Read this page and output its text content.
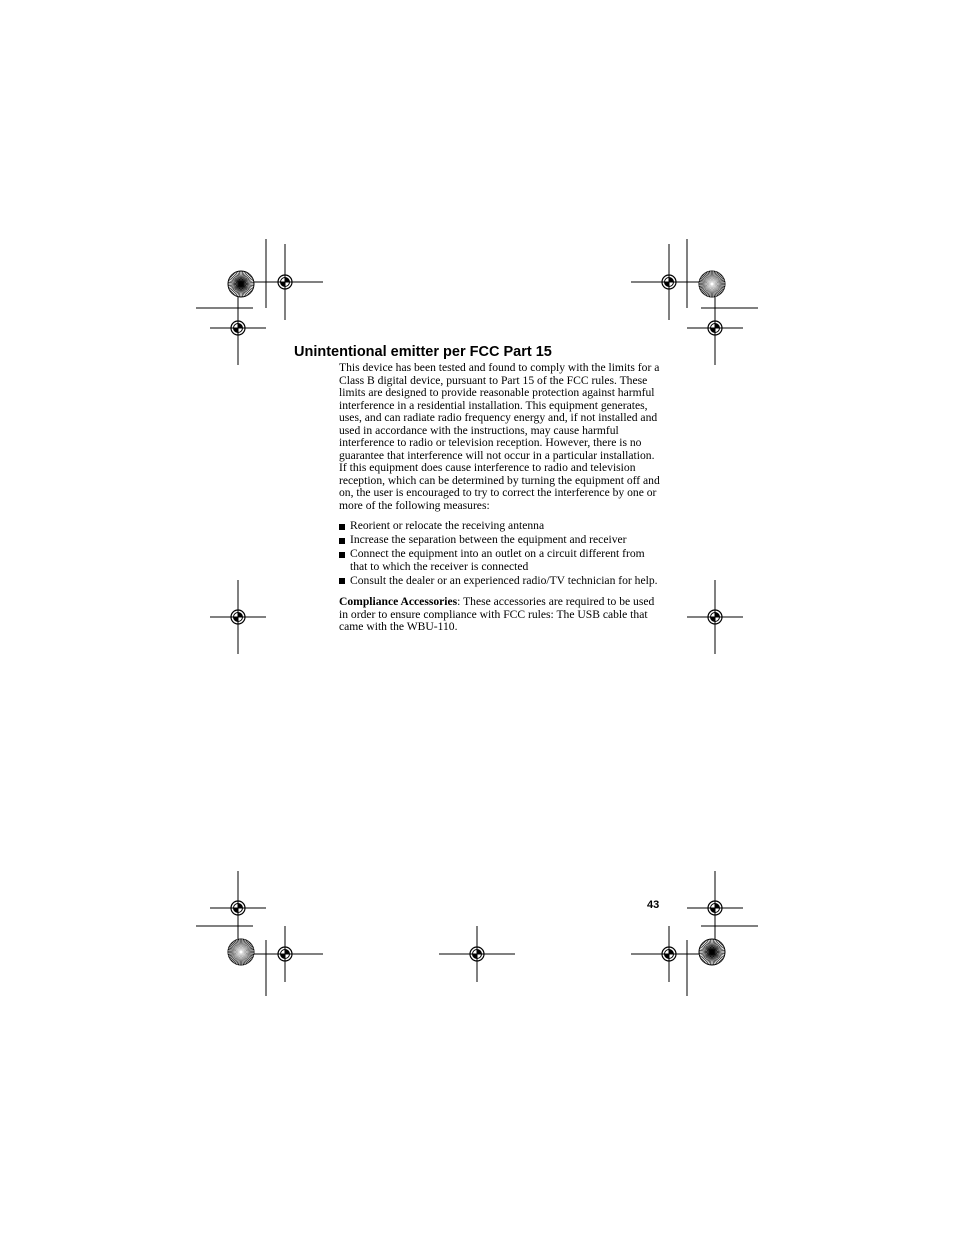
Unintentional emitter per FCC Part 15

This device has been tested and found to comply with the limits for a Class B digital device, pursuant to Part 15 of the FCC rules. These limits are designed to provide reasonable protection against harmful interference in a residential installation. This equipment generates, uses, and can radiate radio frequency energy and, if not installed and used in accordance with the instructions, may cause harmful interference to radio or television reception. However, there is no guarantee that interference will not occur in a particular installation. If this equipment does cause interference to radio and television reception, which can be determined by turning the equipment off and on, the user is encouraged to try to correct the interference by one or more of the following measures:

Reorient or relocate the receiving antenna
Increase the separation between the equipment and receiver
Connect the equipment into an outlet on a circuit different from that to which the receiver is connected
Consult the dealer or an experienced radio/TV technician for help.

Compliance Accessories: These accessories are required to be used in order to ensure compliance with FCC rules: The USB cable that came with the WBU-110.

43
